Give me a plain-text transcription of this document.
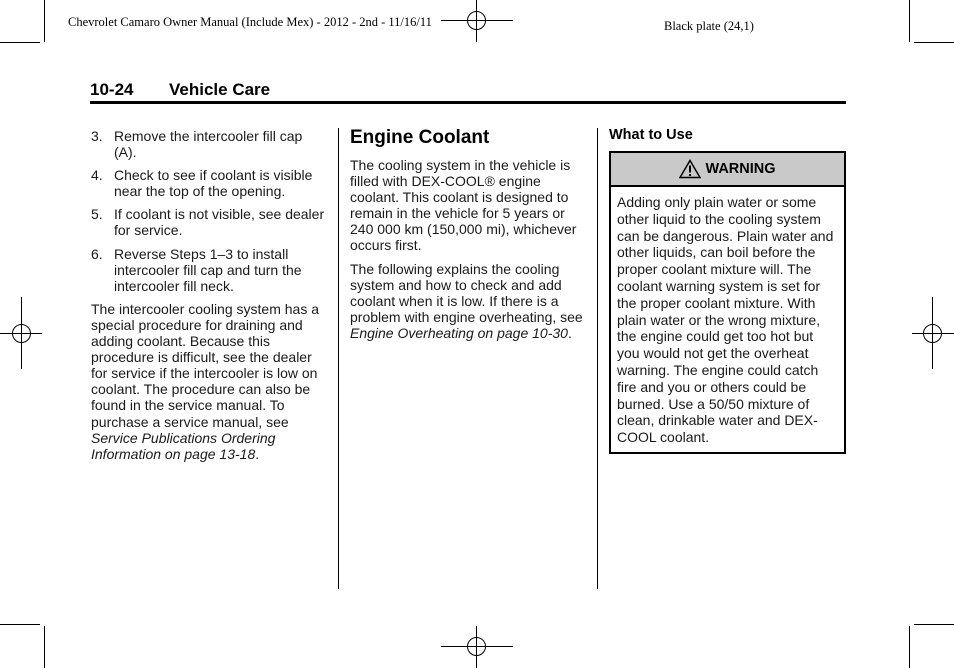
Chevrolet Camaro Owner Manual (Include Mex) - 2012 - 2nd - 11/16/11	Black plate (24,1)
10-24 Vehicle Care
3. Remove the intercooler fill cap (A).
4. Check to see if coolant is visible near the top of the opening.
5. If coolant is not visible, see dealer for service.
6. Reverse Steps 1–3 to install intercooler fill cap and turn the intercooler fill neck.

The intercooler cooling system has a special procedure for draining and adding coolant. Because this procedure is difficult, see the dealer for service if the intercooler is low on coolant. The procedure can also be found in the service manual. To purchase a service manual, see Service Publications Ordering Information on page 13-18.

Engine Coolant

The cooling system in the vehicle is filled with DEX-COOL® engine coolant. This coolant is designed to remain in the vehicle for 5 years or 240 000 km (150,000 mi), whichever occurs first.

The following explains the cooling system and how to check and add coolant when it is low. If there is a problem with engine overheating, see Engine Overheating on page 10-30.

What to Use
WARNING
Adding only plain water or some other liquid to the cooling system can be dangerous. Plain water and other liquids, can boil before the proper coolant mixture will. The coolant warning system is set for the proper coolant mixture. With plain water or the wrong mixture, the engine could get too hot but you would not get the overheat warning. The engine could catch fire and you or others could be burned. Use a 50/50 mixture of clean, drinkable water and DEX-COOL coolant.
